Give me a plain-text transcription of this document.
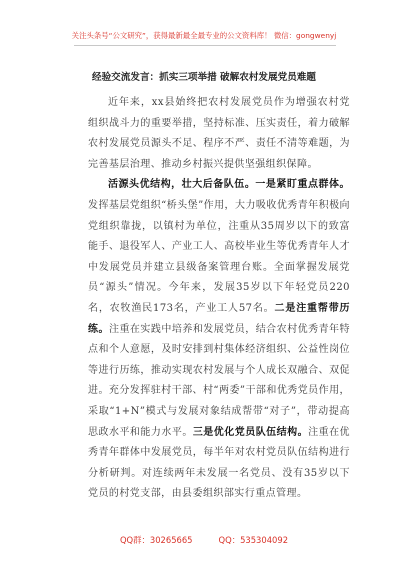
关注头条号“公文研究”，获得最新最全最专业的公文资料库！ 微信：gongwenyj
经验交流发言：抓实三项举措 破解农村发展党员难题

近年来，xx县始终把农村发展党员作为增强农村党组织战斗力的重要举措，坚持标准、压实责任，着力破解农村发展党员源头不足、程序不严、责任不清等难题，为完善基层治理、推动乡村振兴提供坚强组织保障。

活源头优结构，壮大后备队伍。一是紧盯重点群体。发挥基层党组织“桥头堡”作用，大力吸收优秀青年积极向党组织靠拢，以镇村为单位，注重从35周岁以下的致富能手、退役军人、产业工人、高校毕业生等优秀青年人才中发展党员并建立县级备案管理台账。全面掌握发展党员“源头”情况。今年来，发展35岁以下年轻党员220名，农牧渔民173名，产业工人57名。二是注重帮带历练。注重在实践中培养和发展党员，结合农村优秀青年特点和个人意愿，及时安排到村集体经济组织、公益性岗位等进行历练，推动实现农村发展与个人成长双融合、双促进。充分发挥驻村干部、村“两委”干部和优秀党员作用，采取“1+N”模式与发展对象结成帮带“对子”，带动提高思政水平和能力水平。三是优化党员队伍结构。注重在优秀青年群体中发展党员，每半年对农村党员队伍结构进行分析研判。对连续两年未发展一名党员、没有35岁以下党员的村党支部，由县委组织部实行重点管理。

QQ群：30265665	QQ：535304092
